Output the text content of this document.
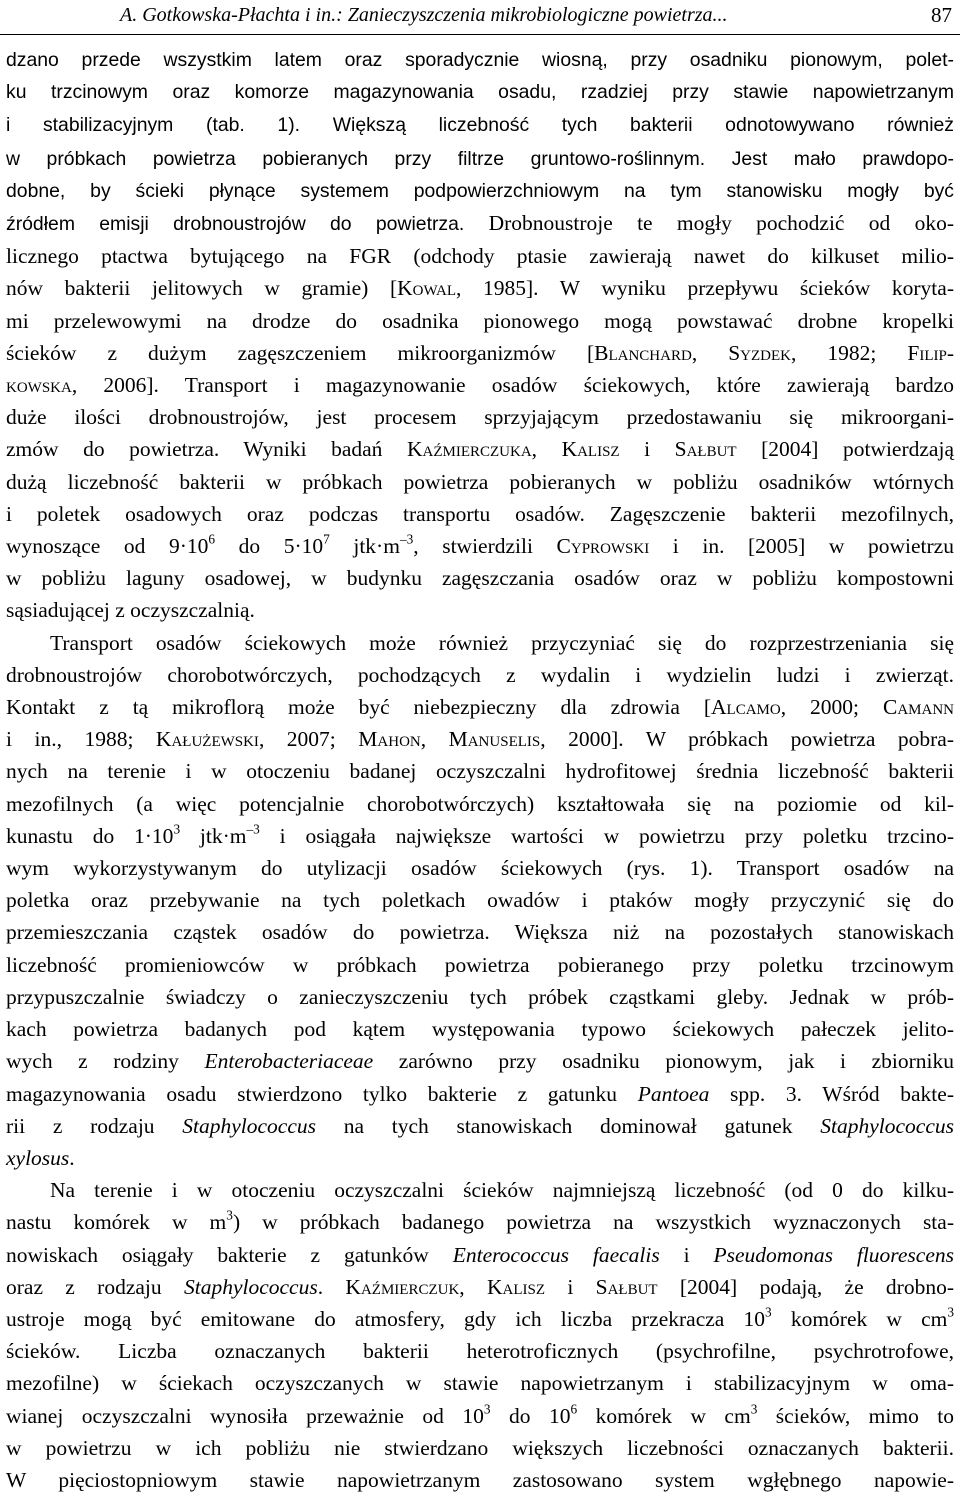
A. Gotkowska-Płachta i in.: Zanieczyszczenia mikrobiologiczne powietrza...	87

dzano przede wszystkim latem oraz sporadycznie wiosną, przy osadniku pionowym, polet-
ku trzcinowym oraz komorze magazynowania osadu, rzadziej przy stawie napowietrzanym
i stabilizacyjnym (tab. 1). Większą liczebność tych bakterii odnotowywano również
w próbkach powietrza pobieranych przy filtrze gruntowo-roślinnym. Jest mało prawdopo-
dobne, by ścieki płynące systemem podpowierzchniowym na tym stanowisku mogły być
źródłem emisji drobnoustrojów do powietrza. Drobnoustroje te mogły pochodzić od oko-
licznego ptactwa bytującego na FGR (odchody ptasie zawierają nawet do kilkuset milio-
nów bakterii jelitowych w gramie) [Kowal, 1985]. W wyniku przepływu ścieków koryta-
mi przelewowymi na drodze do osadnika pionowego mogą powstawać drobne kropelki
ścieków z dużym zagęszczeniem mikroorganizmów [Blanchard, Syzdek, 1982; Filip-
kowska, 2006]. Transport i magazynowanie osadów ściekowych, które zawierają bardzo
duże ilości drobnoustrojów, jest procesem sprzyjającym przedostawaniu się mikroorgani-
zmów do powietrza. Wyniki badań Kaźmierczuka, Kalisz i Sałbut [2004] potwierdzają
dużą liczebność bakterii w próbkach powietrza pobieranych w pobliżu osadników wtórnych
i poletek osadowych oraz podczas transportu osadów. Zagęszczenie bakterii mezofilnych,
wynoszące od $9\cdot 10^6$ do $5\cdot 10^7$ $jtk\cdot m^{-3}$, stwierdzili Cyprowski i in. [2005] w powietrzu
w pobliżu laguny osadowej, w budynku zagęszczania osadów oraz w pobliżu kompostowni
sąsiadującej z oczyszczalnią.

Transport osadów ściekowych może również przyczyniać się do rozprzestrzeniania się
drobnoustrojów chorobotwórczych, pochodzących z wydalin i wydzielin ludzi i zwierząt.
Kontakt z tą mikroflorą może być niebezpieczny dla zdrowia [Alcamo, 2000; Camann
i in., 1988; Kałużewski, 2007; Mahon, Manuselis, 2000]. W próbkach powietrza pobra-
nych na terenie i w otoczeniu badanej oczyszczalni hydrofitowej średnia liczebność bakterii
mezofilnych (a więc potencjalnie chorobotwórczych) kształtowała się na poziomie od kil-
kunastu do $1\cdot 10^3$ $jtk\cdot m^{-3}$ i osiągała największe wartości w powietrzu przy poletku trzcino-
wym wykorzystywanym do utylizacji osadów ściekowych (rys. 1). Transport osadów na
poletka oraz przebywanie na tych poletkach owadów i ptaków mogły przyczynić się do
przemieszczania cząstek osadów do powietrza. Większa niż na pozostałych stanowiskach
liczebność promieniowców w próbkach powietrza pobieranego przy poletku trzcinowym
przypuszczalnie świadczy o zanieczyszczeniu tych próbek cząstkami gleby. Jednak w prób-
kach powietrza badanych pod kątem występowania typowo ściekowych pałeczek jelito-
wych z rodziny Enterobacteriaceae zarówno przy osadniku pionowym, jak i zbiorniku
magazynowania osadu stwierdzono tylko bakterie z gatunku Pantoea spp. 3. Wśród bakte-
rii z rodzaju Staphylococcus na tych stanowiskach dominował gatunek Staphylococcus
xylosus.

Na terenie i w otoczeniu oczyszczalni ścieków najmniejszą liczebność (od 0 do kilku-
nastu komórek w $m^3$) w próbkach badanego powietrza na wszystkich wyznaczonych sta-
nowiskach osiągały bakterie z gatunków Enterococcus faecalis i Pseudomonas fluorescens
oraz z rodzaju Staphylococcus. Kaźmierczuk, Kalisz i Sałbut [2004] podają, że drobno-
ustroje mogą być emitowane do atmosfery, gdy ich liczba przekracza $10^3$ komórek w $cm^3$
ścieków. Liczba oznaczanych bakterii heterotroficznych (psychrofilne, psychrotrofowe,
mezofilne) w ściekach oczyszczanych w stawie napowietrzanym i stabilizacyjnym w oma-
wianej oczyszczalni wynosiła przeważnie od $10^3$ do $10^6$ komórek w $cm^3$ ścieków, mimo to
w powietrzu w ich pobliżu nie stwierdzano większych liczebności oznaczanych bakterii.
W pięciostopniowym stawie napowietrzanym zastosowano system wgłębnego napowie-
